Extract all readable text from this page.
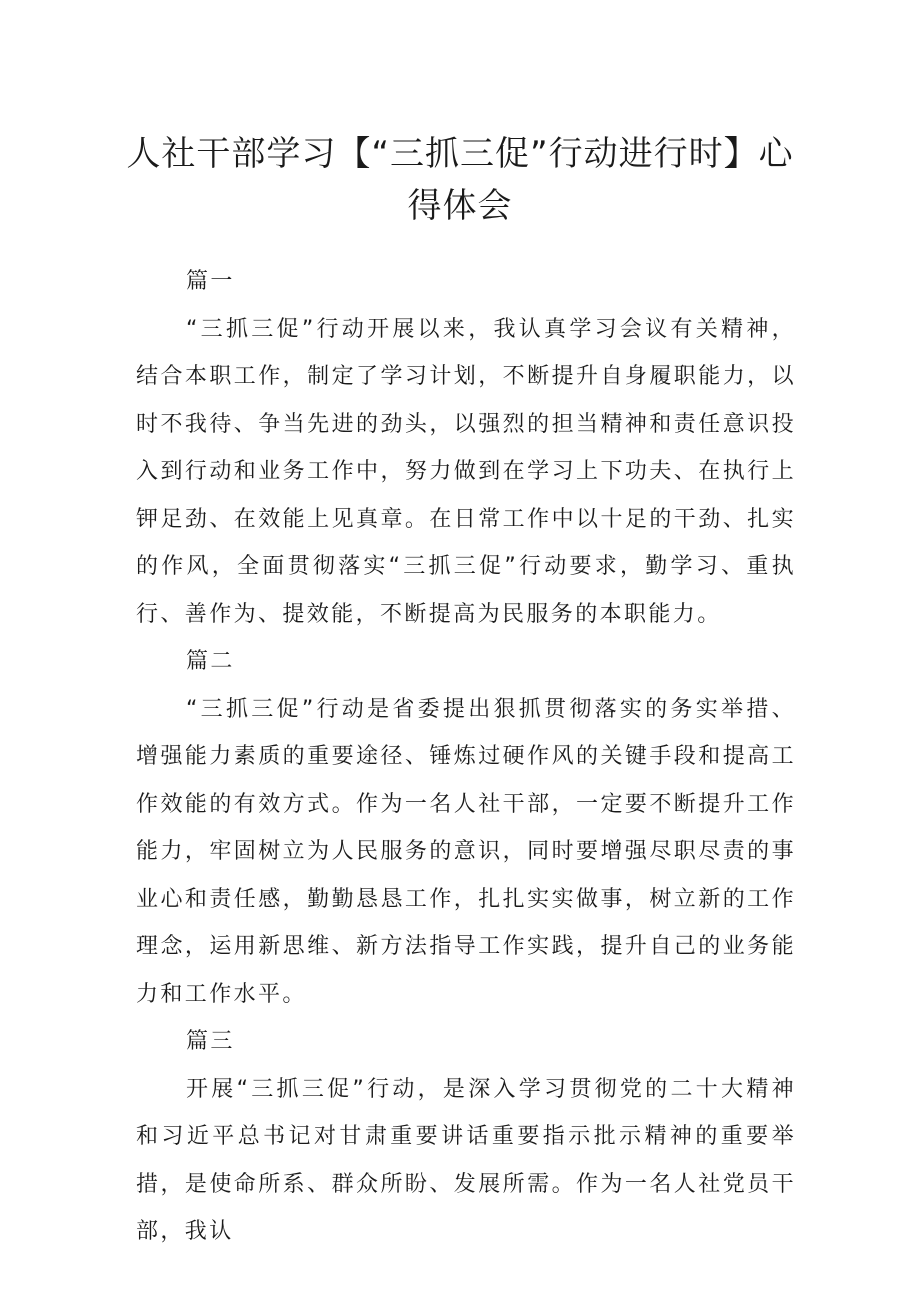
人社干部学习【“三抓三促”行动进行时】心得体会

篇一

“三抓三促”行动开展以来，我认真学习会议有关精神，结合本职工作，制定了学习计划，不断提升自身履职能力，以时不我待、争当先进的劲头，以强烈的担当精神和责任意识投入到行动和业务工作中，努力做到在学习上下功夫、在执行上钾足劲、在效能上见真章。在日常工作中以十足的干劲、扎实的作风，全面贯彻落实“三抓三促”行动要求，勤学习、重执行、善作为、提效能，不断提高为民服务的本职能力。

篇二

“三抓三促”行动是省委提出狠抓贯彻落实的务实举措、增强能力素质的重要途径、锤炼过硬作风的关键手段和提高工作效能的有效方式。作为一名人社干部，一定要不断提升工作能力，牢固树立为人民服务的意识，同时要增强尽职尽责的事业心和责任感，勤勤恳恳工作，扎扎实实做事，树立新的工作理念，运用新思维、新方法指导工作实践，提升自己的业务能力和工作水平。

篇三

开展“三抓三促”行动，是深入学习贯彻党的二十大精神和习近平总书记对甘肃重要讲话重要指示批示精神的重要举措，是使命所系、群众所盼、发展所需。作为一名人社党员干部，我认
